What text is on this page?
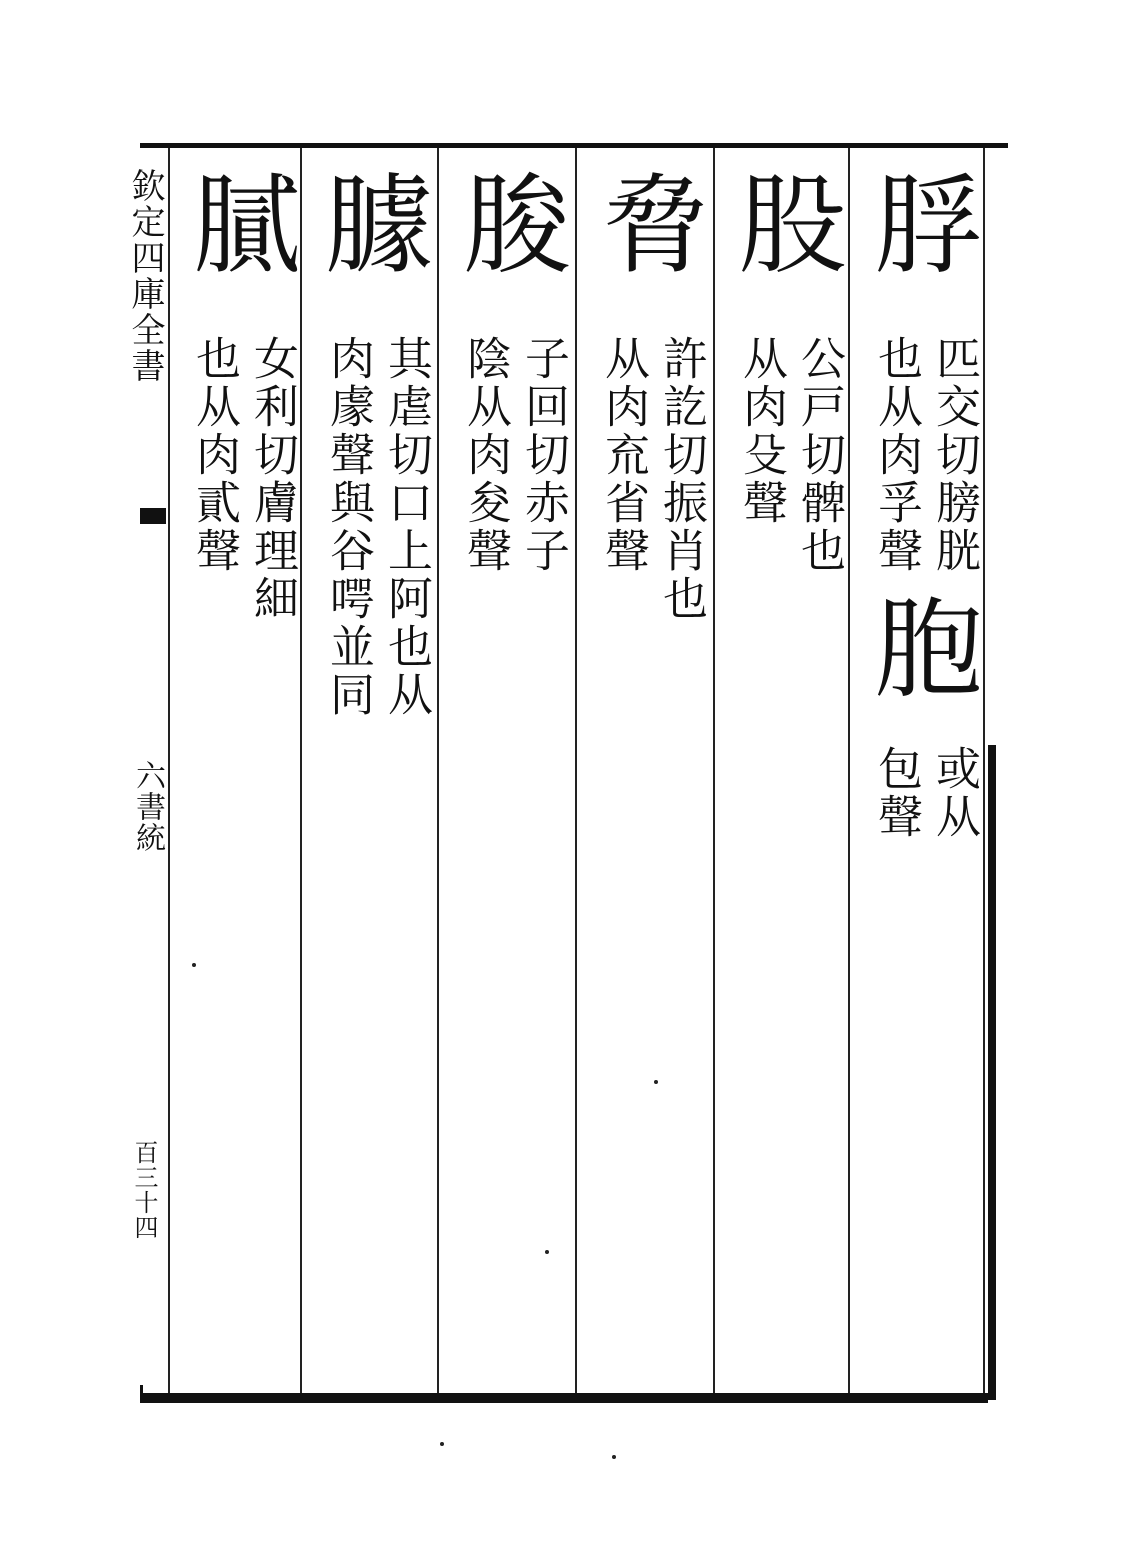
欽定四庫全書
六書統
百三十四
脬
匹交切膀胱
也从肉孚聲
胞
或从
包聲
股
公戸切髀也
从肉殳聲
脅
許訖切振肖也
从肉㐬省聲
朘
子回切赤子
陰从肉夋聲
臄
其虐切口上阿也从
肉豦聲與谷㗁並同
膩
女利切膚理細
也从肉貳聲
